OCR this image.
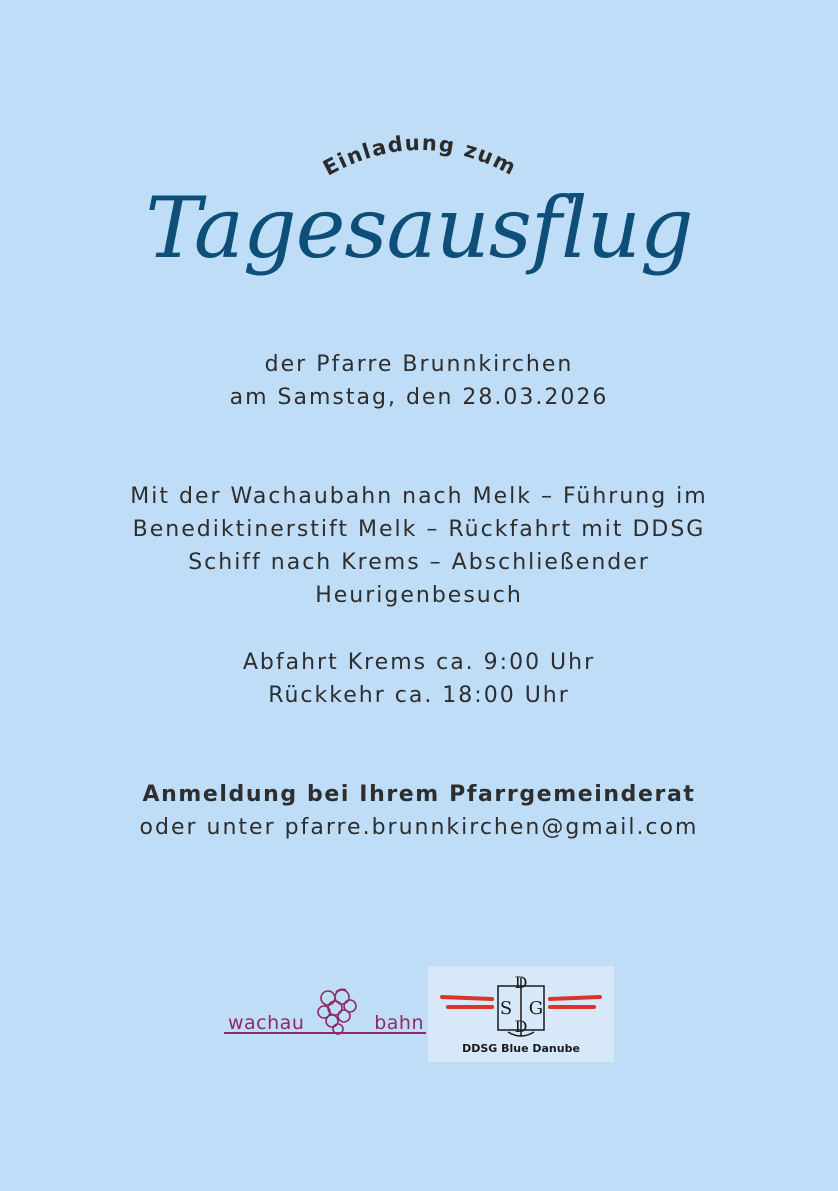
Einladung zum
Tagesausflug
der Pfarre Brunnkirchen
am Samstag, den 28.03.2026
Mit der Wachaubahn nach Melk – Führung im
Benediktinerstift Melk – Rückfahrt mit DDSG
Schiff nach Krems – Abschließender
Heurigenbesuch
Abfahrt Krems ca. 9:00 Uhr
Rückkehr ca. 18:00 Uhr
Anmeldung bei Ihrem Pfarrgemeinderat
oder unter pfarre.brunnkirchen@gmail.com
wachau	bahn
D
S G
D
DDSG Blue Danube
